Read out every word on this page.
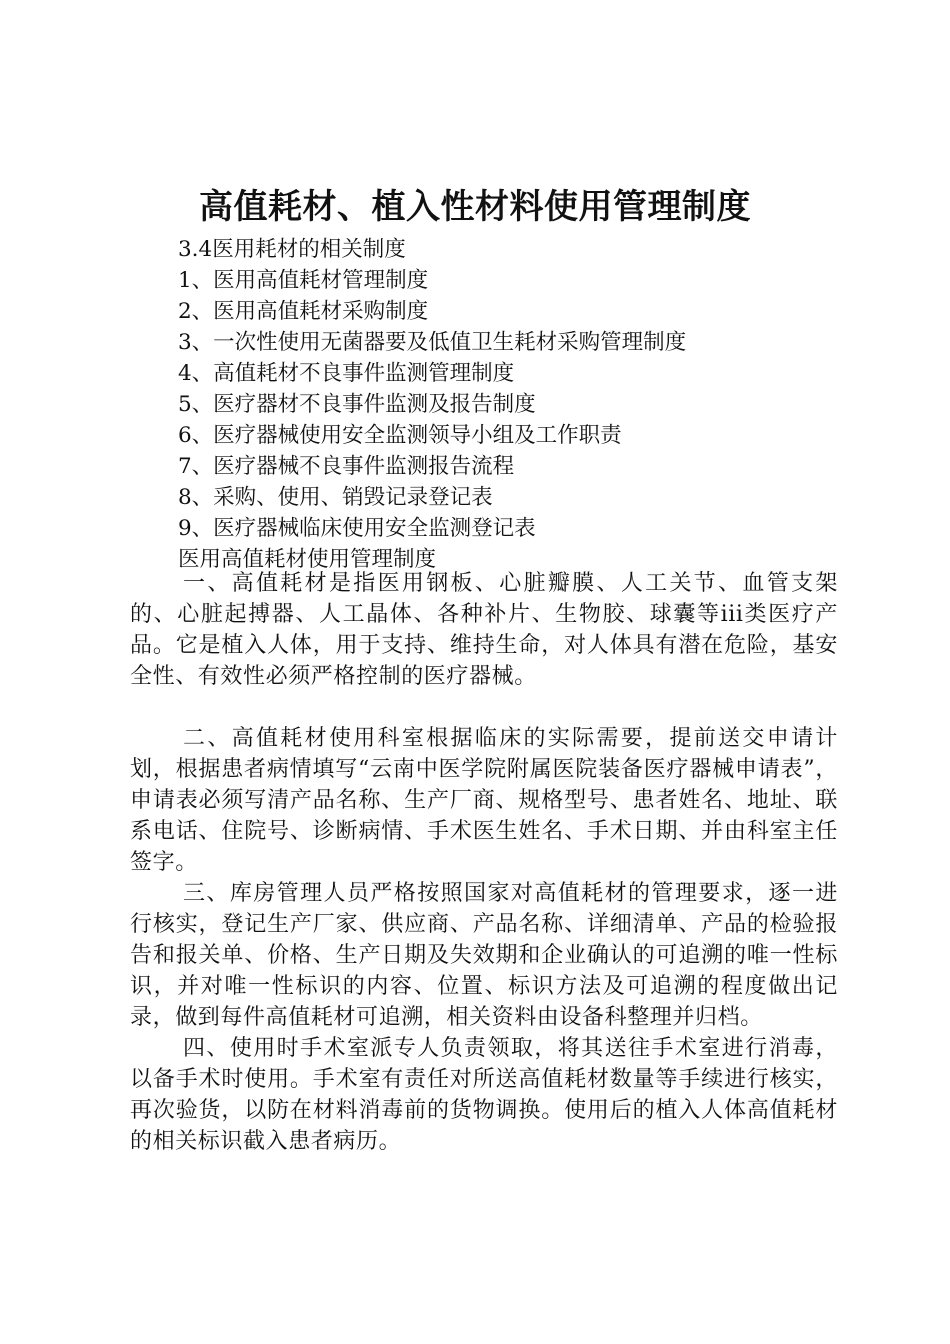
高值耗材、植入性材料使用管理制度
3.4医用耗材的相关制度
1、医用高值耗材管理制度
2、医用高值耗材采购制度
3、一次性使用无菌器要及低值卫生耗材采购管理制度
4、高值耗材不良事件监测管理制度
5、医疗器材不良事件监测及报告制度
6、医疗器械使用安全监测领导小组及工作职责
7、医疗器械不良事件监测报告流程
8、采购、使用、销毁记录登记表
9、医疗器械临床使用安全监测登记表
医用高值耗材使用管理制度

一、高值耗材是指医用钢板、心脏瓣膜、人工关节、血管支架的、心脏起搏器、人工晶体、各种补片、生物胶、球囊等iii类医疗产品。它是植入人体，用于支持、维持生命，对人体具有潜在危险，基安全性、有效性必须严格控制的医疗器械。

二、高值耗材使用科室根据临床的实际需要，提前送交申请计划，根据患者病情填写“云南中医学院附属医院装备医疗器械申请表”，申请表必须写清产品名称、生产厂商、规格型号、患者姓名、地址、联系电话、住院号、诊断病情、手术医生姓名、手术日期、并由科室主任签字。

三、库房管理人员严格按照国家对高值耗材的管理要求，逐一进行核实，登记生产厂家、供应商、产品名称、详细清单、产品的检验报告和报关单、价格、生产日期及失效期和企业确认的可追溯的唯一性标识，并对唯一性标识的内容、位置、标识方法及可追溯的程度做出记录，做到每件高值耗材可追溯，相关资料由设备科整理并归档。

四、使用时手术室派专人负责领取，将其送往手术室进行消毒，以备手术时使用。手术室有责任对所送高值耗材数量等手续进行核实，再次验货，以防在材料消毒前的货物调换。使用后的植入人体高值耗材的相关标识截入患者病历。
